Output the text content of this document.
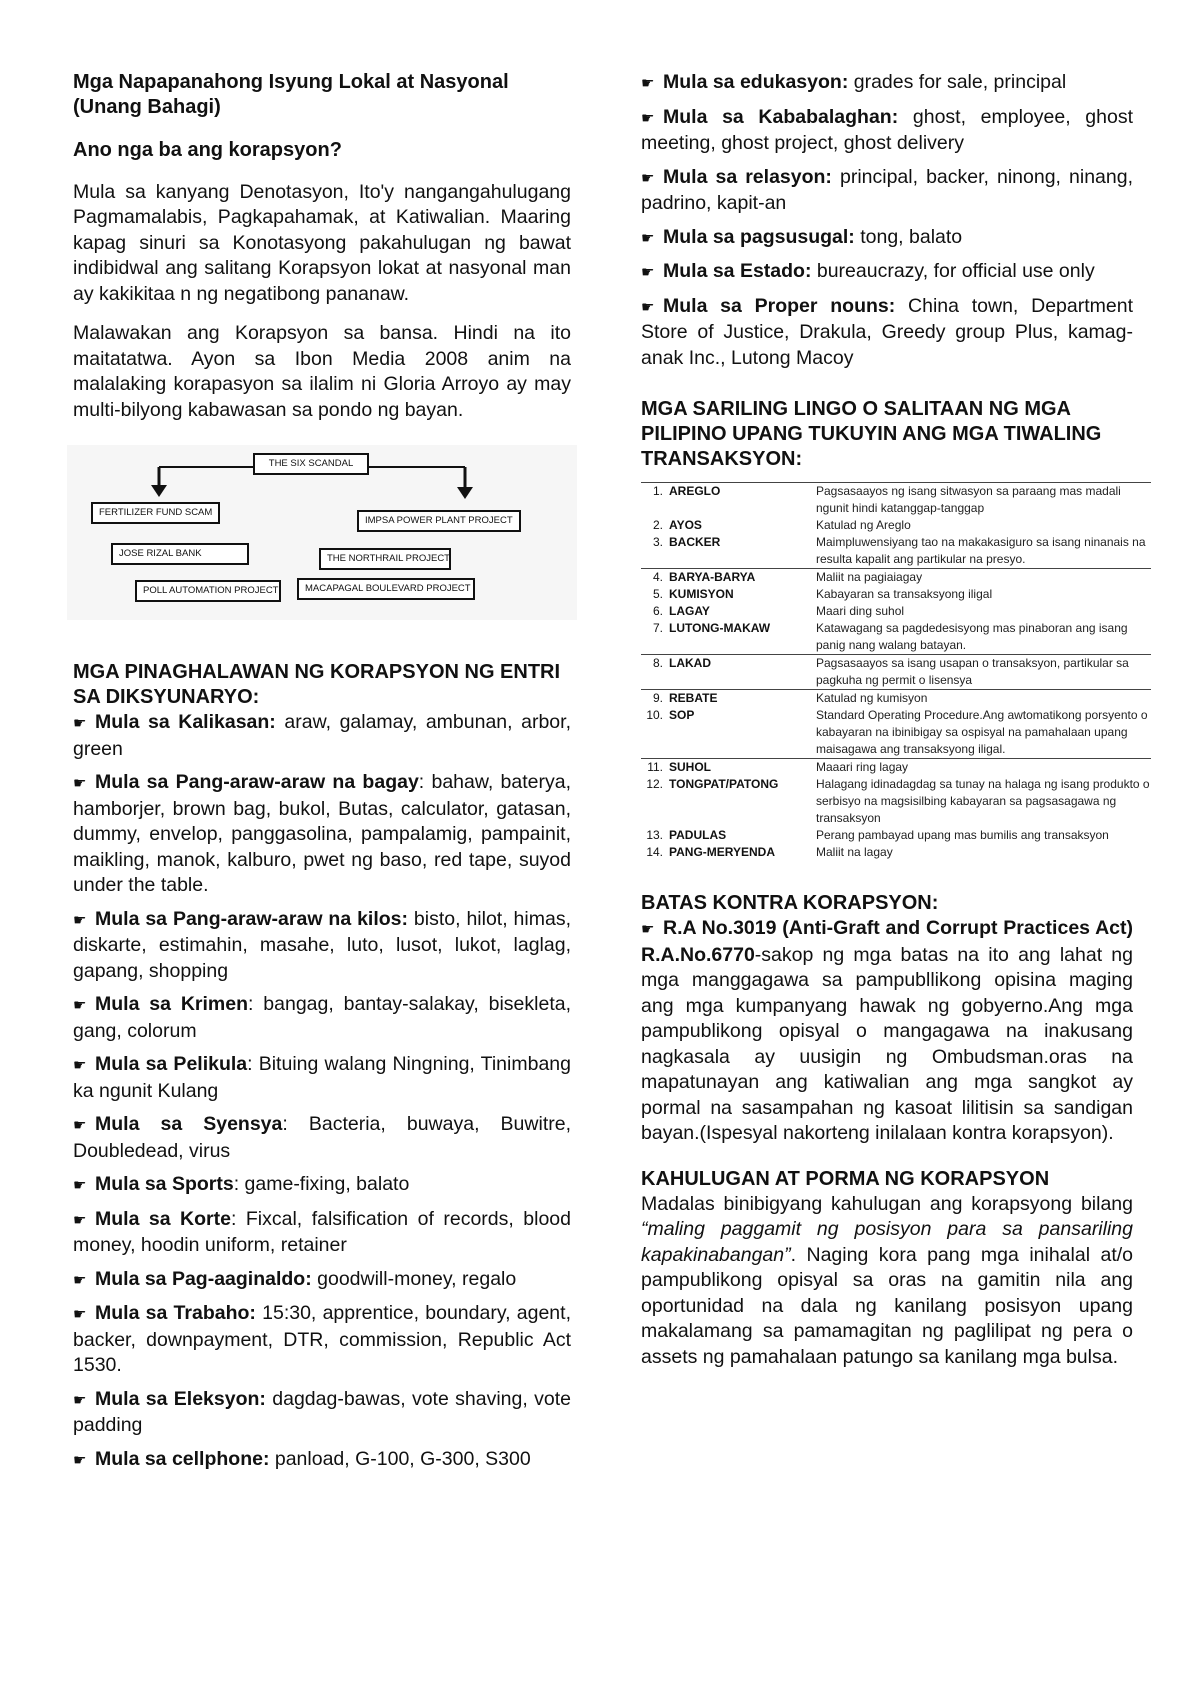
Mga Napapanahong Isyung Lokal at Nasyonal
(Unang Bahagi)
Ano nga ba ang korapsyon?

Mula sa kanyang Denotasyon, Ito'y nangangahulugang Pagmamalabis, Pagkapahamak, at Katiwalian. Maaring kapag sinuri sa Konotasyong pakahulugan ng bawat indibidwal ang salitang Korapsyon lokat at nasyonal man ay kakikitaa n ng negatibong pananaw.

Malawakan ang Korapsyon sa bansa. Hindi na ito maitatatwa. Ayon sa Ibon Media 2008 anim na malalaking korapasyon sa ilalim ni Gloria Arroyo ay may multi-bilyong kabawasan sa pondo ng bayan.

THE SIX SCANDAL
FERTILIZER FUND SCAM
IMPSA POWER PLANT PROJECT
JOSE RIZAL BANK	THE NORTHRAIL PROJECT
POLL AUTOMATION PROJECT	MACAPAGAL BOULEVARD PROJECT
MGA PINAGHALAWAN NG KORAPSYON NG ENTRI SA DIKSYUNARYO:

☛ Mula sa Kalikasan: araw, galamay, ambunan, arbor, green

☛ Mula sa Pang-araw-araw na bagay: bahaw, baterya, hamborjer, brown bag, bukol, Butas, calculator, gatasan, dummy, envelop, panggasolina, pampalamig, pampainit, maikling, manok, kalburo, pwet ng baso, red tape, suyod under the table.

☛ Mula sa Pang-araw-araw na kilos: bisto, hilot, himas, diskarte, estimahin, masahe, luto, lusot, lukot, laglag, gapang, shopping

☛ Mula sa Krimen: bangag, bantay-salakay, bisekleta, gang, colorum

☛ Mula sa Pelikula: Bituing walang Ningning, Tinimbang ka ngunit Kulang

☛ Mula sa Syensya: Bacteria, buwaya, Buwitre, Doubledead, virus

☛ Mula sa Sports: game-fixing, balato

☛ Mula sa Korte: Fixcal, falsification of records, blood money, hoodin uniform, retainer

☛ Mula sa Pag-aaginaldo: goodwill-money, regalo

☛ Mula sa Trabaho: 15:30, apprentice, boundary, agent, backer, downpayment, DTR, commission, Republic Act 1530.

☛ Mula sa Eleksyon: dagdag-bawas, vote shaving, vote padding

☛ Mula sa cellphone: panload, G-100, G-300, S300

☛ Mula sa edukasyon: grades for sale, principal

☛ Mula sa Kababalaghan: ghost, employee, ghost meeting, ghost project, ghost delivery

☛ Mula sa relasyon: principal, backer, ninong, ninang, padrino, kapit-an

☛ Mula sa pagsusugal: tong, balato

☛ Mula sa Estado: bureaucrazy, for official use only

☛ Mula sa Proper nouns: China town, Department Store of Justice, Drakula, Greedy group Plus, kamag-anak Inc., Lutong Macoy

MGA SARILING LINGO O SALITAAN NG MGA PILIPINO UPANG TUKUYIN ANG MGA TIWALING TRANSAKSYON:
1. AREGLO	Pagsasaayos ng isang sitwasyon sa paraang mas madali ngunit hindi katanggap-tanggap
2. AYOS	Katulad ng Areglo
3. BACKER	Maimpluwensiyang tao na makakasiguro sa isang ninanais na resulta kapalit ang partikular na presyo.
4. BARYA-BARYA	Maliit na pagiaiagay
5. KUMISYON	Kabayaran sa transaksyong iligal
6. LAGAY	Maari ding suhol
7. LUTONG-MAKAW	Katawagang sa pagdedesisyong mas pinaboran ang isang panig nang walang batayan.
8. LAKAD	Pagsasaayos sa isang usapan o transaksyon, partikular sa pagkuha ng permit o lisensya
9. REBATE	Katulad ng kumisyon
10. SOP	Standard Operating Procedure.Ang awtomatikong porsyento o kabayaran na ibinibigay sa ospisyal na pamahalaan upang maisagawa ang transaksyong iligal.
11. SUHOL	Maaari ring lagay
12. TONGPAT/PATONG	Halagang idinadagdag sa tunay na halaga ng isang produkto o serbisyo na magsisilbing kabayaran sa pagsasagawa ng transaksyon
13. PADULAS	Perang pambayad upang mas bumilis ang transaksyon
14. PANG-MERYENDA	Maliit na lagay
BATAS KONTRA KORAPSYON:

☛ R.A No.3019 (Anti-Graft and Corrupt Practices Act) R.A.No.6770-sakop ng mga batas na ito ang lahat ng mga manggagawa sa pampubllikong opisina maging ang mga kumpanyang hawak ng gobyerno.Ang mga pampublikong opisyal o mangagawa na inakusang nagkasala ay uusigin ng Ombudsman.oras na mapatunayan ang katiwalian ang mga sangkot ay pormal na sasampahan ng kasoat lilitisin sa sandigan bayan.(Ispesyal nakorteng inilalaan kontra korapsyon).

KAHULUGAN AT PORMA NG KORAPSYON

Madalas binibigyang kahulugan ang korapsyong bilang “maling paggamit ng posisyon para sa pansariling kapakinabangan”. Naging kora pang mga inihalal at/o pampublikong opisyal sa oras na gamitin nila ang oportunidad na dala ng kanilang posisyon upang makalamang sa pamamagitan ng paglilipat ng pera o assets ng pamahalaan patungo sa kanilang mga bulsa.
